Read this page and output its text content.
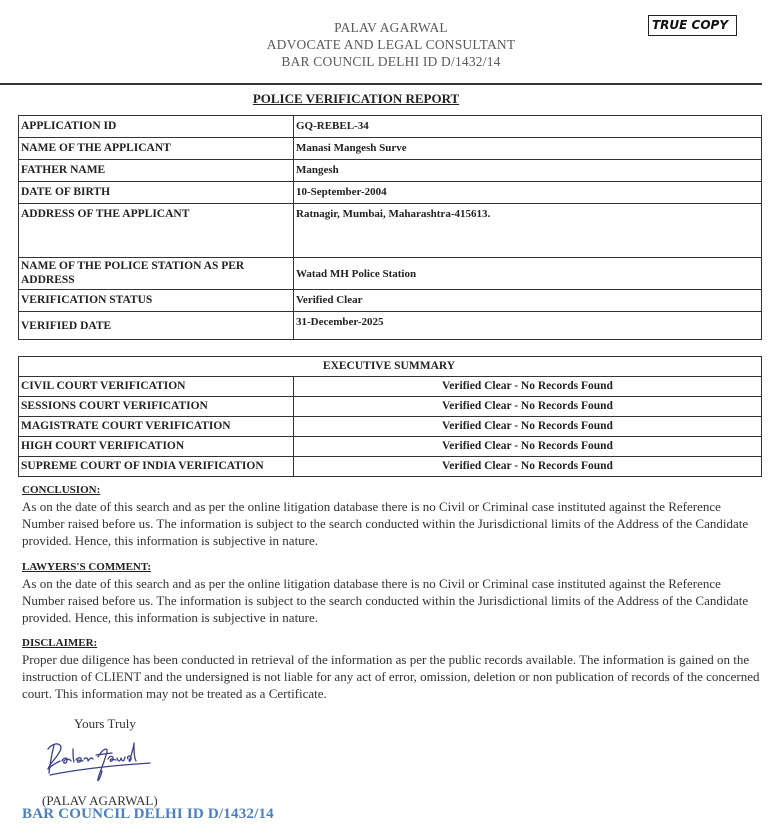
PALAV AGARWAL
ADVOCATE AND LEGAL CONSULTANT
BAR COUNCIL DELHI ID D/1432/14
TRUE COPY
POLICE VERIFICATION REPORT
APPLICATION ID	GQ-REBEL-34
NAME OF THE APPLICANT	Manasi Mangesh Surve
FATHER NAME	Mangesh
DATE OF BIRTH	10-September-2004
ADDRESS OF THE APPLICANT	Ratnagir, Mumbai, Maharashtra-415613.
NAME OF THE POLICE STATION AS PER ADDRESS	Watad MH Police Station
VERIFICATION STATUS	Verified Clear
VERIFIED DATE	31-December-2025
EXECUTIVE SUMMARY	
CIVIL COURT VERIFICATION	Verified Clear - No Records Found
SESSIONS COURT VERIFICATION	Verified Clear - No Records Found
MAGISTRATE COURT VERIFICATION	Verified Clear - No Records Found
HIGH COURT VERIFICATION	Verified Clear - No Records Found
SUPREME COURT OF INDIA VERIFICATION	Verified Clear - No Records Found
CONCLUSION:
As on the date of this search and as per the online litigation database there is no Civil or Criminal case instituted against the Reference Number raised before us. The information is subject to the search conducted within the Jurisdictional limits of the Address of the Candidate provided. Hence, this information is subjective in nature.
LAWYERS'S COMMENT:
As on the date of this search and as per the online litigation database there is no Civil or Criminal case instituted against the Reference Number raised before us. The information is subject to the search conducted within the Jurisdictional limits of the Address of the Candidate provided. Hence, this information is subjective in nature.
DISCLAIMER:
Proper due diligence has been conducted in retrieval of the information as per the public records available. The information is gained on the instruction of CLIENT and the undersigned is not liable for any act of error, omission, deletion or non publication of records of the concerned court. This information may not be treated as a Certificate.
Yours Truly
(PALAV AGARWAL)
BAR COUNCIL DELHI ID D/1432/14
